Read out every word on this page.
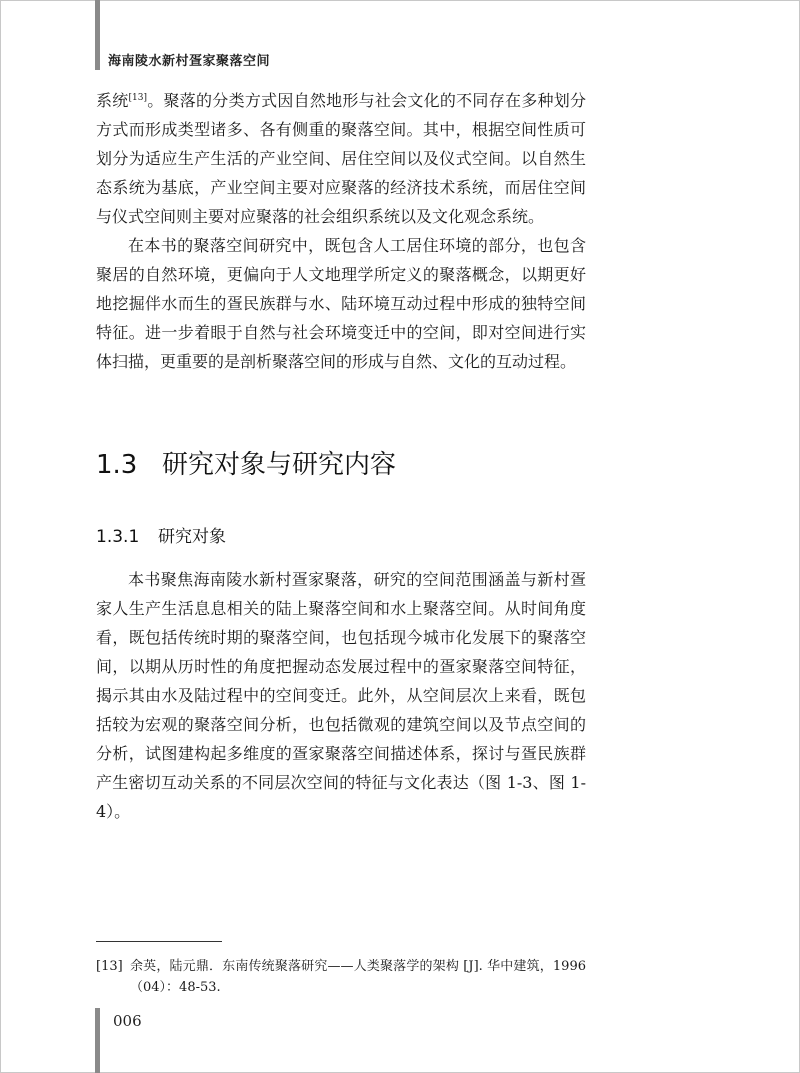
海南陵水新村疍家聚落空间

系统[13]。聚落的分类方式因自然地形与社会文化的不同存在多种划分方式而形成类型诸多、各有侧重的聚落空间。其中，根据空间性质可划分为适应生产生活的产业空间、居住空间以及仪式空间。以自然生态系统为基底，产业空间主要对应聚落的经济技术系统，而居住空间与仪式空间则主要对应聚落的社会组织系统以及文化观念系统。

在本书的聚落空间研究中，既包含人工居住环境的部分，也包含聚居的自然环境，更偏向于人文地理学所定义的聚落概念，以期更好地挖掘伴水而生的疍民族群与水、陆环境互动过程中形成的独特空间特征。进一步着眼于自然与社会环境变迁中的空间，即对空间进行实体扫描，更重要的是剖析聚落空间的形成与自然、文化的互动过程。

1.3 研究对象与研究内容
1.3.1 研究对象

本书聚焦海南陵水新村疍家聚落，研究的空间范围涵盖与新村疍家人生产生活息息相关的陆上聚落空间和水上聚落空间。从时间角度看，既包括传统时期的聚落空间，也包括现今城市化发展下的聚落空间，以期从历时性的角度把握动态发展过程中的疍家聚落空间特征，揭示其由水及陆过程中的空间变迁。此外，从空间层次上来看，既包括较为宏观的聚落空间分析，也包括微观的建筑空间以及节点空间的分析，试图建构起多维度的疍家聚落空间描述体系，探讨与疍民族群产生密切互动关系的不同层次空间的特征与文化表达（图 1-3、图 1-4）。

[13] 余英，陆元鼎．东南传统聚落研究——人类聚落学的架构 [J]. 华中建筑，1996（04）：48-53.
006
